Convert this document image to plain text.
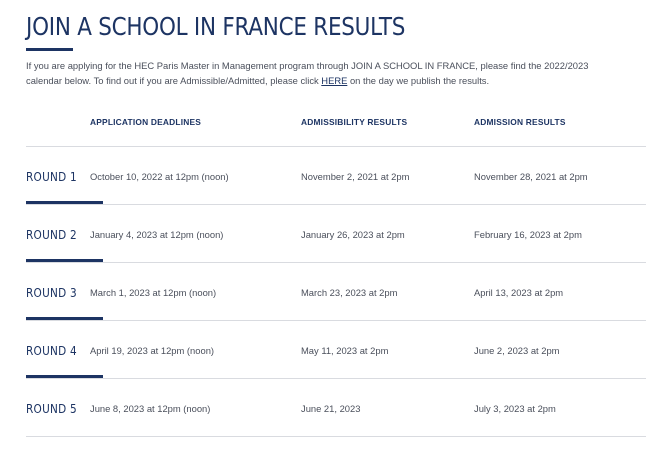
JOIN A SCHOOL IN FRANCE RESULTS

If you are applying for the HEC Paris Master in Management program through JOIN A SCHOOL IN FRANCE, please find the 2022/2023 calendar below. To find out if you are Admissible/Admitted, please click HERE on the day we publish the results.

APPLICATION DEADLINES	ADMISSIBILITY RESULTS	ADMISSION RESULTS
ROUND 1 October 10, 2022 at 12pm (noon)	November 2, 2021 at 2pm	November 28, 2021 at 2pm
ROUND 2 January 4, 2023 at 12pm (noon)	January 26, 2023 at 2pm	February 16, 2023 at 2pm
ROUND 3 March 1, 2023 at 12pm (noon)	March 23, 2023 at 2pm	April 13, 2023 at 2pm
ROUND 4 April 19, 2023 at 12pm (noon)	May 11, 2023 at 2pm	June 2, 2023 at 2pm
ROUND 5 June 8, 2023 at 12pm (noon)	June 21, 2023	July 3, 2023 at 2pm
